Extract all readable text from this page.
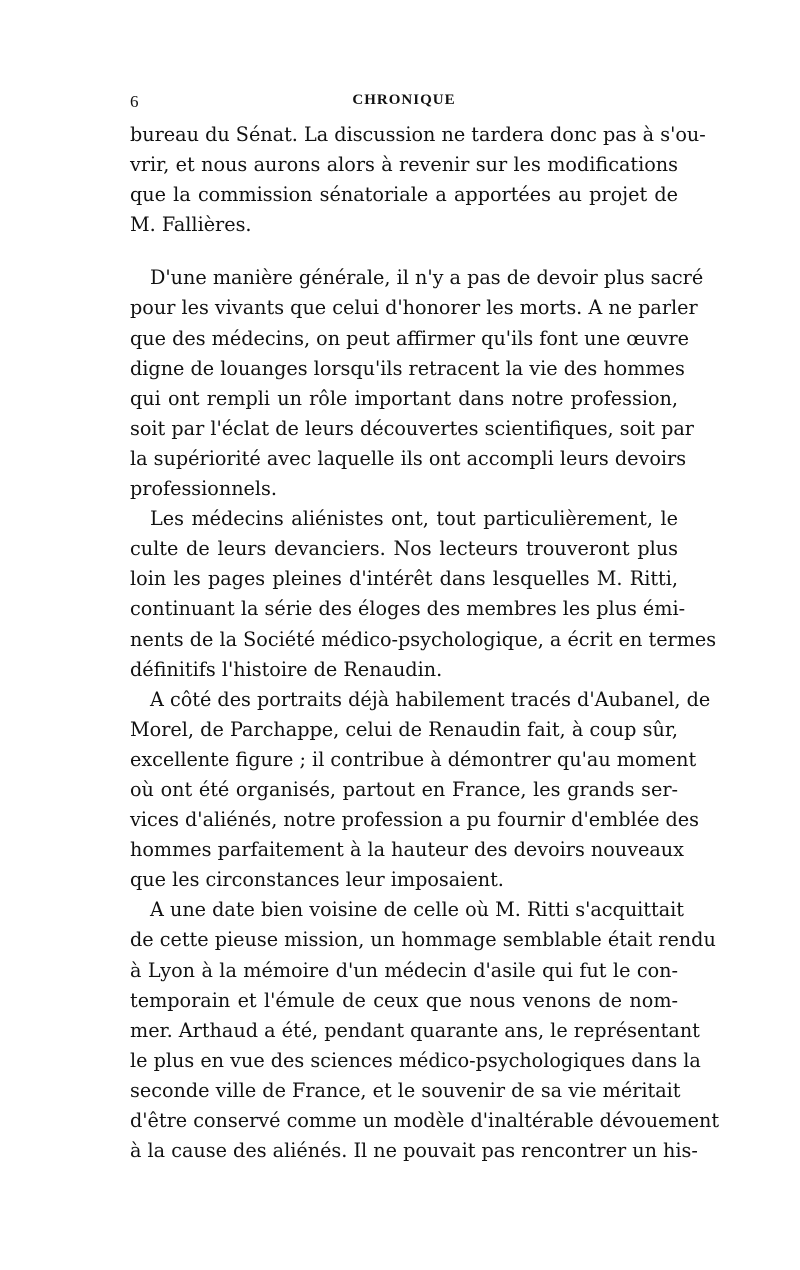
6	CHRONIQUE
bureau du Sénat. La discussion ne tardera donc pas à s'ou-
vrir, et nous aurons alors à revenir sur les modifications
que la commission sénatoriale a apportées au projet de
M. Fallières.
D'une manière générale, il n'y a pas de devoir plus sacré
pour les vivants que celui d'honorer les morts. A ne parler
que des médecins, on peut affirmer qu'ils font une œuvre
digne de louanges lorsqu'ils retracent la vie des hommes
qui ont rempli un rôle important dans notre profession,
soit par l'éclat de leurs découvertes scientifiques, soit par
la supériorité avec laquelle ils ont accompli leurs devoirs
professionnels.
Les médecins aliénistes ont, tout particulièrement, le
culte de leurs devanciers. Nos lecteurs trouveront plus
loin les pages pleines d'intérêt dans lesquelles M. Ritti,
continuant la série des éloges des membres les plus émi-
nents de la Société médico-psychologique, a écrit en termes
définitifs l'histoire de Renaudin.
A côté des portraits déjà habilement tracés d'Aubanel, de
Morel, de Parchappe, celui de Renaudin fait, à coup sûr,
excellente figure ; il contribue à démontrer qu'au moment
où ont été organisés, partout en France, les grands ser-
vices d'aliénés, notre profession a pu fournir d'emblée des
hommes parfaitement à la hauteur des devoirs nouveaux
que les circonstances leur imposaient.
A une date bien voisine de celle où M. Ritti s'acquittait
de cette pieuse mission, un hommage semblable était rendu
à Lyon à la mémoire d'un médecin d'asile qui fut le con-
temporain et l'émule de ceux que nous venons de nom-
mer. Arthaud a été, pendant quarante ans, le représentant
le plus en vue des sciences médico-psychologiques dans la
seconde ville de France, et le souvenir de sa vie méritait
d'être conservé comme un modèle d'inaltérable dévouement
à la cause des aliénés. Il ne pouvait pas rencontrer un his-
